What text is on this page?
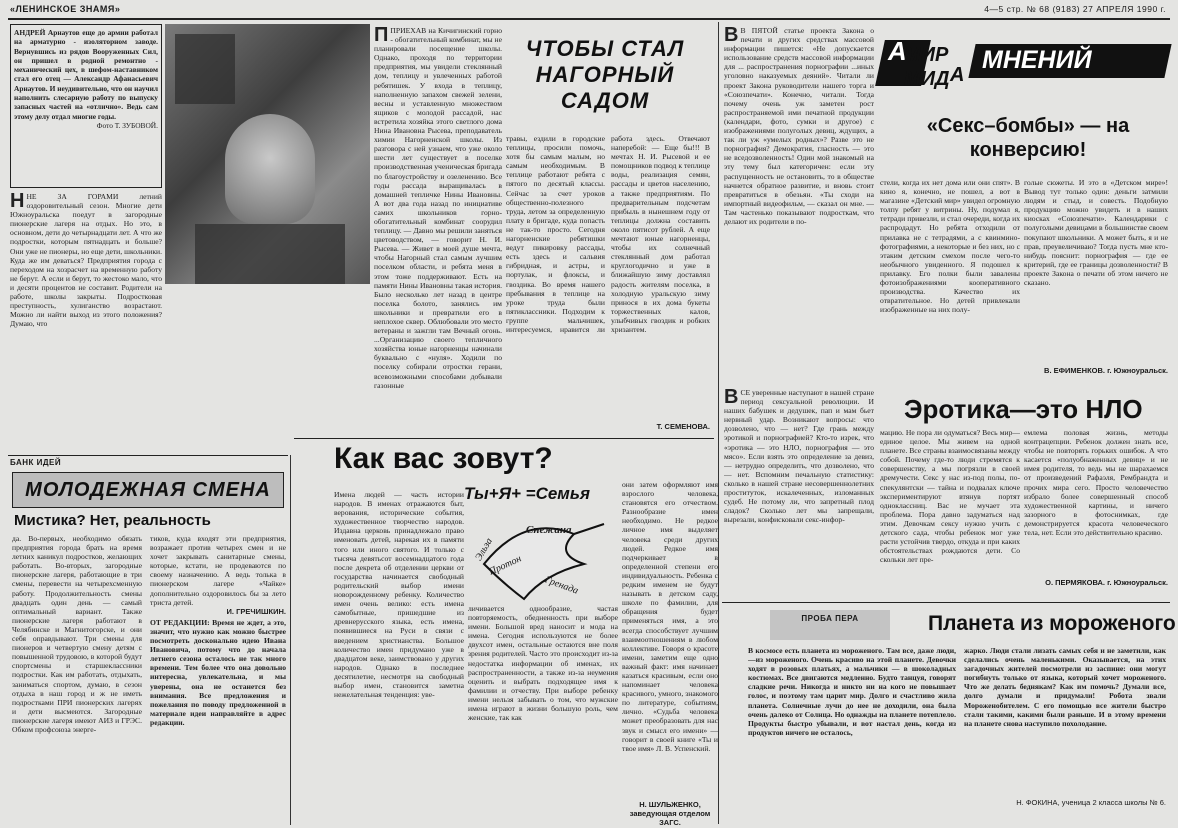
«ЛЕНИНСКОЕ ЗНАМЯ»	4—5 стр. № 68 (9183) 27 АПРЕЛЯ 1990 г.
АНДРЕЙ Арнаутов еще до армии работал на арматурно - изоляторном заводе. Вернувшись из рядов Вооруженных Сил, он пришел в родной ремонтно - механический цех, в шефом-наставником стал его отец — Александр Афанасьевич Арнаутов. И неудивительно, что он научил наполнить слесарную работу по выпуску запасных частей на «отлично». Ведь сам этому делу отдал многие годы.
Фото Т. ЗУБОВОЙ.
Н НЕ ЗА ГОРАМИ летний оздоровительный сезон. Многие дети Южноуральска поедут в загородные пионерские лагеря на отдых. Но это, в основном, дети до четырнадцати лет. А что же подростки, которым пятнадцать и больше? Они уже не пионеры, но еще дети, школьники. Куда же им деваться? Предприятия города с переходом на хозрасчет на временную работу не берут. А если и берут, то жестоко мало, что и десяти процентов не составит. Родители на работе, школы закрыты. Подростковая преступность, хулиганство возрастают. Можно ли найти выход из этого положения? Думаю, что
БАНК ИДЕЙ
МОЛОДЕЖНАЯ СМЕНА
Мистика? Нет, реальность
да. Во-первых, необходимо обязать предприятия города брать на время летних каникул подростков, желающих работать. Во-вторых, загородные пионерские лагеря, работающие в три смены, перевести на четырехсменную работу. Продолжительность смены двадцать один день — самый оптимальный вариант. Также пионерские лагеря работают в Челябинске и Магнитогорске, и они себя оправдывают. Три смены для пионеров и четвертую смену детям с повышенной трудовою, в которой будут спортсмены и старшеклассники подростки. Как им работать, отдыхать, заниматься спортом, думаю, в сезон отдыха в наш город и ж не иметь подростками ПРИ пионерских лагерях и дети высмеются. Загородные пионерские лагеря имеют АИЗ и ГРЭС. Обком профсоюза энерге-
тиков, куда входят эти предприятия, возражает против четырех смен и не хочет закрывать санитарные смены, которые, кстати, не продеваются по своему назначению. А ведь толька в пионерском лагере «Чайке» дополнительно оздоровилось бы за лето триста детей.
И. ГРЕЧИШКИН.
ОТ РЕДАКЦИИ: Время не ждет, а это, значит, что нужно как можно быстрее посмотреть досконально идею Ивана Ивановича, потому что до начала летнего сезона осталось не так много времени. Тем более что она довольно интересна, увлекательна, и мы уверены, она не останется без внимания. Все предложения и пожелания по поводу предложенной в материале идеи направляйте в адрес редакции.
ЧТОБЫ СТАЛ НАГОРНЫЙ САДОМ
П ПРИЕХАВ на Кичигинский горно - обогатительный комбинат, мы не планировали посещение школы. Однако, проходя по территории предприятия, мы увидели стеклянный дом, теплицу и увлеченных работой ребятишек. У входа в теплицу, наполненную запахом свежей зелени, весны и уставленную множеством ящиков с молодой рассадой, нас встретила хозяйка этого светлого дома Нина Ивановна Рысева, преподаватель химии Нагорненской школы. Из разговора с ней узнаем, что уже около шести лет существует в поселке производственная ученическая бригада по благоустройству и озеленению. Все годы рассада выращивалась в домашней тепличке Нины Ивановны. А вот два года назад по инициативе самих школьников горно-обогатительный комбинат соорудил теплицу. — Давно мы решили заняться цветоводством, — говорит Н. И. Рысева. — Живет в моей душе мечта, чтобы Нагорный стал самым лучшим поселком области, и ребята меня в этом тоже поддерживают. Есть на памяти Нины Ивановны такая история. Было несколько лет назад в центре поселка болото, занялись им школьники и превратили его в неплохое сквер. Облюбовали это место ветераны и зажгли там Вечный огонь. ...Организацию своего тепличного хозяйства юные нагорненцы начинали буквально с «нуля». Ходили по поселку собирали отростки герани, всевозможными способами добывали газонные
травы, ездили в городские теплицы, просили помочь, хотя бы самым малым, но самым необходимым. В теплице работают ребята с пятого по десятый классы. Сейчас за счет уроков общественно-полезного труда, летом за определенную плату в бригаде, куда попасть не так-то просто. Сегодня нагорненские ребятишки ведут пикировку рассады, есть здесь и сальвия гибридная, и астры, и портулак, и флоксы, и гвоздика. Во время нашего пребывания в теплице на уроке труда были пятиклассники. Подходим к группе мальчишек, интересуемся, нравится ли работа здесь. Отвечают наперебой: — Еще бы!!! В мечтах Н. И. Рысевой и ее помощников подвод к теплице воды, реализация семян, рассады и цветов населению, а также предприятиям. По предварительным подсчетам прибыль в нынешнем году от теплицы должна составить около пятисот рублей. А еще мечтают юные нагорненцы, чтобы их солнечный стеклянный дом работал круглогодично и уже в ближайшую зиму доставлял радость жителям поселка, в холодную уральскую зиму принося в их дома букеты торжественных калов, улыбчивых гвоздик и робких хризантем.
Т. СЕМЕНОВА.
Как вас зовут?
Ты+Я+ =Семья
Снежана
Эльза
Протон
Гренада
Имена людей — часть истории народов. В именах отражаются быт, верования, исторические события, художественное творчество народов. Издавна церковь принадлежало право именовать детей, нарекая их в памяти того или иного святого. И только с тысяча девятьсот восемнадцатого года после декрета об отделении церкви от государства начинается свободный родительский выбор имени новорожденному ребенку. Количество имен очень велико: есть имена самобытные, пришедшие из древнерусского языка, есть имена, появившиеся на Руси в связи с введением христианства. Большое количество имен придумано уже в двадцатом веке, заимствовано у других народов. Однако в последнее десятилетие, несмотря на свободный выбор имен, становится заметна нежелательная тенденция: уве-
личивается однообразие, частая повторяемость, обедненность при выборе имени. Большой вред наносит и мода на имена. Сегодня используются не более двухсот имен, остальные остаются вне поля зрения родителей. Часто это происходит из-за недостатка информации об именах, их распространенности, а также из-за неумения оценить и выбрать подходящее имя к фамилии и отчеству. При выборе ребенку имени нельзя забывать о том, что мужские имена играют в жизни большую роль, чем женские, так как
они затем оформляют имя взрослого человека, становятся его отчеством. Разнообразие имен необходимо. Не редкое личное имя выделяет человека среди других людей. Редкое имя подчеркивает в определенной степени его индивидуальность. Ребенка с редким именем не будут называть в детском саду, школе по фамилии, для обращения будет применяться имя, а это всегда способствует лучшим взаимоотношениям в любом коллективе. Говоря о красоте имени, заметим еще одно важный факт: имя начинает казаться красивым, если оно напоминает человека красивого, умного, знакомого по литературе, событиям, лично. «Судьба человека может преобразовать для нас звук и смысл его имени» — говорит в своей книге «Ты и твое имя» Л. В. Успенский.
Н. ШУЛЬЖЕНКО, заведующая отделом ЗАГС.
В В ПЯТОЙ статье проекта Закона о печати и других средствах массовой информации пишется: «Не допускается использование средств массовой информации для ... распространения порнографии ...иных уголовно наказуемых деяний». Читали ли проект Закона руководители нашего торга и «Союзпечати». Конечно, читали. Тогда почему очень уж заметен рост распространяемой ими печатной продукции (календари, фото, сумки и другое) с изображениями полуголых девиц, ждущих, а так ли уж «умелых родных»? Разве это не порнография? Демократия, гласность — это не вседозволенность! Один мой знакомый на эту тему был категоричен: если эту распущенность не остановить, то в обществе начнется обратное развитие, и вновь стоит превратиться в обезьян. «Ты сходи на импортный видеофильм, — сказал он мне. — Там частенько показывают подросткам, что делают их родители в по-
В СЕ уверенные наступают в нашей стране период сексуальной революции. И наших бабушек и дедушек, пап и мам бьет нервный удар. Возникают вопросы: что дозволено, что — нет? Где грань между эротикой и порнографией? Кто-то изрек, что «эротика — это НЛО, порнография — это мясо». Если взять это определение за девиз, — нетрудно определить, что дозволено, что — нет. Вспомним печальную статистику: сколько в нашей стране несовершеннолетних проституток, искалеченных, изломанных судеб. Не потому ли, что запретный плод сладок? Сколько лет мы запрещали, вырезали, конфисковали секс-инфор-
А
МИР
МИД А
МНЕНИЙ
«Секс–бомбы» — на конверсию!
стели, когда их нет дома или они спят». В кино я, конечно, не пошел, а вот в магазине «Детский мир» увидел огромную толпу ребят у витрины. Ну, подумал я, тетради привезли, и стал очереди, когда их распродадут. Но ребята отходили от прилавка не с тетрадями, а с квинмино-фотографиями, а некоторые и без них, но с этаким детским смехом после чего-то необычного увиденного. Я подошел к прилавку. Его полки были завалены фотоизображениями кооперативного производства. Качество их отвратительное. Но детей привлекали изображенные на них полу-
голые сюжеты. И это в «Детском мире»! Вывод тут только один: деньги затмили людям и стыд, и совесть. Подобную продукцию можно увидеть и в наших киосках «Союзпечати». Календарики с полуголыми девицами в большинстве своем покупают школьники. А может быть, я и не прав, преувеличиваю? Тогда пусть мне кто-нибудь пояснит: порнография — где ее критерий, где ее границы дозволенности? В проекте Закона о печати об этом ничего не сказано.
В. ЕФИМЕНКОВ. г. Южноуральск.
Эротика—это НЛО
мацию. Не пора ли одуматься? Весь мир—единое целое. Мы живем на одной планете. Все страны взаимосвязаны между собой. Почему где-то люди стремятся к совершенству, а мы погрязли в своей дремучести. Секс у нас из-под полы, по-спекулянтски — тайна и подвалах ключе экспериментируют втянув портят одноклассниц. Вас не мучает эта проблема. Пора давно задуматься над этим. Девочкам сексу нужно учить с детского сада, чтобы ребенок мог уже расти устойчив твердо, откуда и при каких обстоятельствах рождаются дети. Со скольки лет пре-
емлема половая жизнь, методы контрацепции. Ребенок должен знать все, чтобы не повторять горьких ошибок. А что касается «полуобнаженных девиц» и не имея родителя, то ведь мы не шарахаемся от произведений Рафаэля, Рембрандта и прочих мира сего. Просто человечество избрало более совершенный способ художественной картины, и ничего зазорного в фотоснимках, где демонстрируется красота человеческого тела, нет. Если это действительно красиво.
О. ПЕРМЯКОВА. г. Южноуральск.
ПРОБА ПЕРА	Планета из мороженого
В космосе есть планета из мороженого. Там все, даже люди,—из мороженого. Очень красиво на этой планете. Девочки ходят в розовых платьях, а мальчики — в шоколадных костюмах. Все двигаются медленно. Будто танцуя, говорят сладкие речи. Никогда и никто ни на кого не повышает голос, и поэтому там царит мир. Долго и счастливо жила планета. Солнечные лучи до нее не доходили, она была очень далеко от Солнца. Но однажды на планете потеплело. Продукты быстро убывали, и вот настал день, когда из продуктов ничего не осталось,
жарко. Люди стали лизать самых себя и не заметили, как сделались очень маленькими. Оказывается, на этих загадочных жителей посмотрели из заспине: они могут погибнуть только от языка, который хочет мороженого. Что же делать беднякам? Как им помочь? Думали все, долго думали и придумали! Робота звали Мороженобителем. С его помощью все жители быстро стали такими, какими были раньше. И в этому времени на планете снова наступило похолодание.
Н. ФОКИНА, ученица 2 класса школы № 6.
